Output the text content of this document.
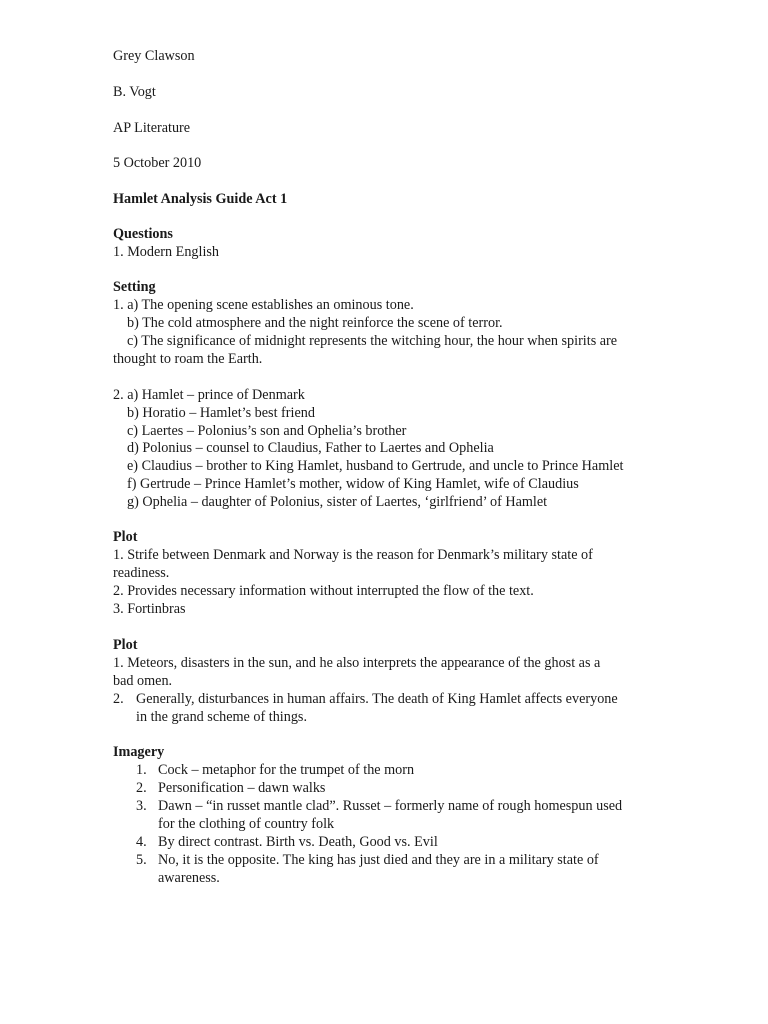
Grey Clawson
B. Vogt
AP Literature
5 October 2010
Hamlet Analysis Guide Act 1
Questions
1. Modern English
Setting
1. a) The opening scene establishes an ominous tone.
b) The cold atmosphere and the night reinforce the scene of terror.
c) The significance of midnight represents the witching hour, the hour when spirits are
thought to roam the Earth.
2. a) Hamlet – prince of Denmark
b) Horatio – Hamlet’s best friend
c) Laertes – Polonius’s son and Ophelia’s brother
d) Polonius – counsel to Claudius, Father to Laertes and Ophelia
e) Claudius – brother to King Hamlet, husband to Gertrude, and uncle to Prince Hamlet
f) Gertrude – Prince Hamlet’s mother, widow of King Hamlet, wife of Claudius
g) Ophelia – daughter of Polonius, sister of Laertes, ‘girlfriend’ of Hamlet
Plot
1. Strife between Denmark and Norway is the reason for Denmark’s military state of
readiness.
2. Provides necessary information without interrupted the flow of the text.
3. Fortinbras
Plot
1. Meteors, disasters in the sun, and he also interprets the appearance of the ghost as a
bad omen.
2. Generally, disturbances in human affairs. The death of King Hamlet affects everyone
in the grand scheme of things.
Imagery
1. Cock – metaphor for the trumpet of the morn
2. Personification – dawn walks
3. Dawn – “in russet mantle clad”. Russet – formerly name of rough homespun used
for the clothing of country folk
4. By direct contrast. Birth vs. Death, Good vs. Evil
5. No, it is the opposite. The king has just died and they are in a military state of
awareness.
